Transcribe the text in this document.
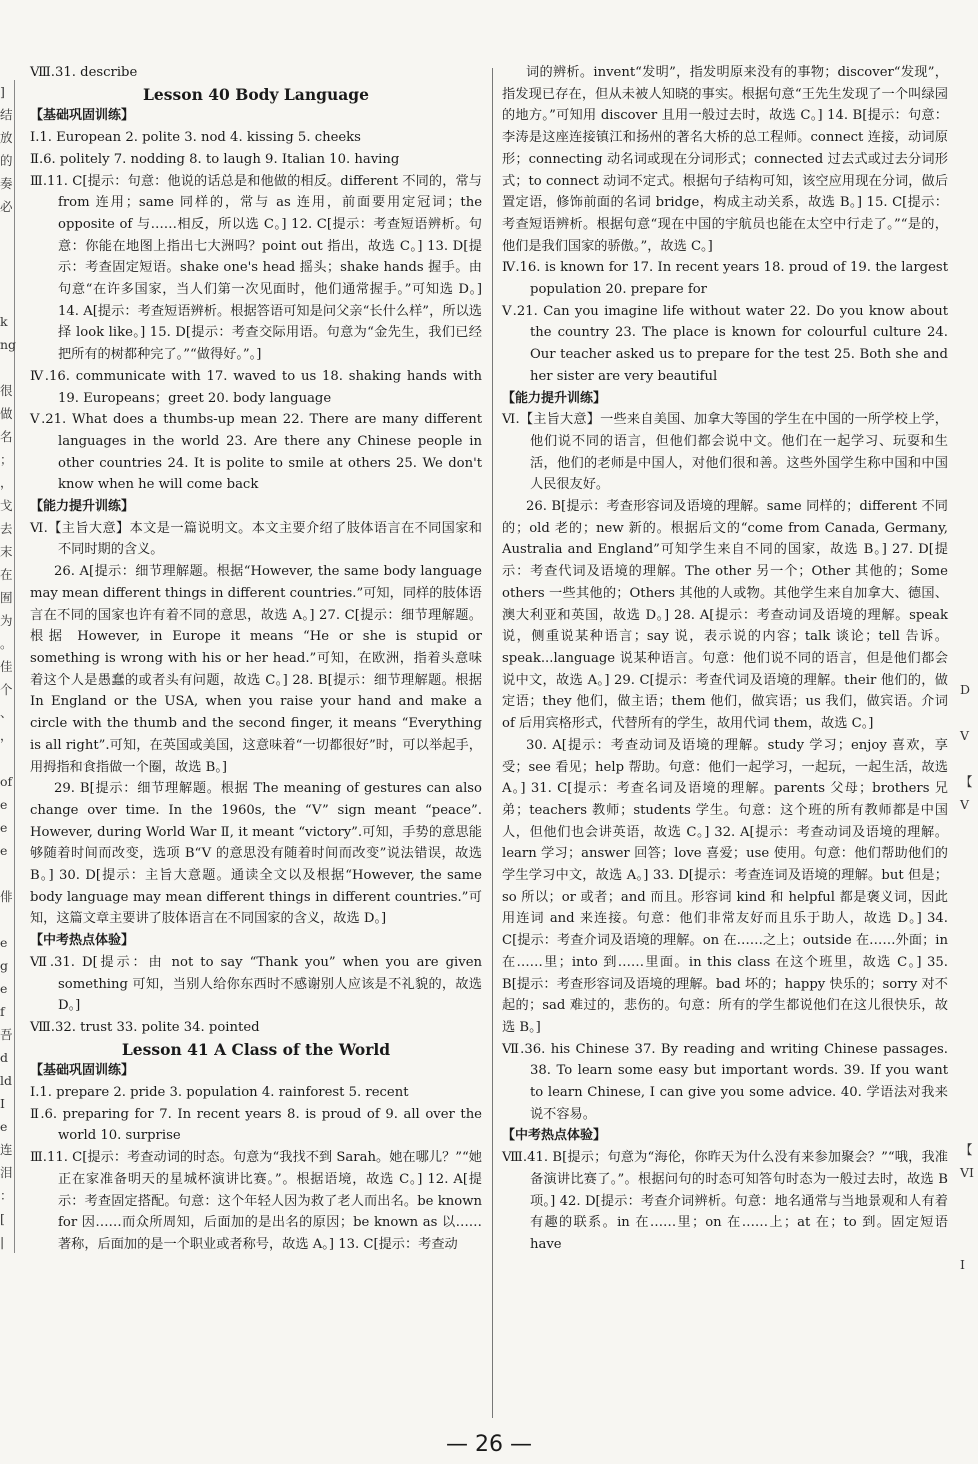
]
结
放
的
奏
必
k
ng
很
做
名
；
，
戈
去
末
在
囿
为
。
佳
个
、
，
of
e
e
e
俳
e
g
e
f
吾
d
ld
I
e
连
泪
：
[
|
D
V
【
V
【
VI
I

Ⅷ.31. describe

Lesson 40 Body Language

【基础巩固训练】

Ⅰ.1. European 2. polite 3. nod 4. kissing 5. cheeks

Ⅱ.6. politely 7. nodding 8. to laugh 9. Italian 10. having

Ⅲ.11. C[提示：句意：他说的话总是和他做的相反。different 不同的，常与 from 连用；same 同样的，常与 as 连用，前面要用定冠词；the opposite of 与……相反，所以选 C。] 12. C[提示：考查短语辨析。句意：你能在地图上指出七大洲吗？point out 指出，故选 C。] 13. D[提示：考查固定短语。shake one's head 摇头；shake hands 握手。由句意“在许多国家，当人们第一次见面时，他们通常握手。”可知选 D。] 14. A[提示：考查短语辨析。根据答语可知是问父亲“长什么样”，所以选择 look like。] 15. D[提示：考查交际用语。句意为“金先生，我们已经把所有的树都种完了。”“做得好。”。]

Ⅳ.16. communicate with 17. waved to us 18. shaking hands with 19. Europeans；greet 20. body language

Ⅴ.21. What does a thumbs-up mean 22. There are many different languages in the world 23. Are there any Chinese people in other countries 24. It is polite to smile at others 25. We don't know when he will come back

【能力提升训练】

Ⅵ.【主旨大意】本文是一篇说明文。本文主要介绍了肢体语言在不同国家和不同时期的含义。

26. A[提示：细节理解题。根据“However, the same body language may mean different things in different countries.”可知，同样的肢体语言在不同的国家也许有着不同的意思，故选 A。] 27. C[提示：细节理解题。根据 However, in Europe it means “He or she is stupid or something is wrong with his or her head.”可知，在欧洲，指着头意味着这个人是愚蠢的或者头有问题，故选 C。] 28. B[提示：细节理解题。根据 In England or the USA, when you raise your hand and make a circle with the thumb and the second finger, it means “Everything is all right”.可知，在英国或美国，这意味着“一切都很好”时，可以举起手，用拇指和食指做一个圈，故选 B。]

29. B[提示：细节理解题。根据 The meaning of gestures can also change over time. In the 1960s, the “V” sign meant “peace”. However, during World War Ⅱ, it meant “victory”.可知，手势的意思能够随着时间而改变，选项 B“V 的意思没有随着时间而改变”说法错误，故选 B。] 30. D[提示：主旨大意题。通读全文以及根据“However, the same body language may mean different things in different countries.”可知，这篇文章主要讲了肢体语言在不同国家的含义，故选 D。]

【中考热点体验】

Ⅶ.31. D[提示：由 not to say “Thank you” when you are given something 可知，当别人给你东西时不感谢别人应该是不礼貌的，故选 D。]

Ⅷ.32. trust 33. polite 34. pointed

Lesson 41 A Class of the World

【基础巩固训练】

Ⅰ.1. prepare 2. pride 3. population 4. rainforest 5. recent

Ⅱ.6. preparing for 7. In recent years 8. is proud of 9. all over the world 10. surprise

Ⅲ.11. C[提示：考查动词的时态。句意为“我找不到 Sarah。她在哪儿？”“她正在家准备明天的星城杯演讲比赛。”。根据语境，故选 C。] 12. A[提示：考查固定搭配。句意：这个年轻人因为救了老人而出名。be known for 因……而众所周知，后面加的是出名的原因；be known as 以……著称，后面加的是一个职业或者称号，故选 A。] 13. C[提示：考查动

词的辨析。invent“发明”，指发明原来没有的事物；discover“发现”，指发现已存在，但从未被人知晓的事实。根据句意“王先生发现了一个叫绿园的地方。”可知用 discover 且用一般过去时，故选 C。] 14. B[提示：句意：李涛是这座连接镇江和扬州的著名大桥的总工程师。connect 连接，动词原形；connecting 动名词或现在分词形式；connected 过去式或过去分词形式；to connect 动词不定式。根据句子结构可知，该空应用现在分词，做后置定语，修饰前面的名词 bridge，构成主动关系，故选 B。] 15. C[提示：考查短语辨析。根据句意“现在中国的宇航员也能在太空中行走了。”“是的，他们是我们国家的骄傲。”，故选 C。]

Ⅳ.16. is known for 17. In recent years 18. proud of 19. the largest population 20. prepare for

Ⅴ.21. Can you imagine life without water 22. Do you know about the country 23. The place is known for colourful culture 24. Our teacher asked us to prepare for the test 25. Both she and her sister are very beautiful

【能力提升训练】

Ⅵ.【主旨大意】一些来自美国、加拿大等国的学生在中国的一所学校上学，他们说不同的语言，但他们都会说中文。他们在一起学习、玩耍和生活，他们的老师是中国人，对他们很和善。这些外国学生称中国和中国人民很友好。

26. B[提示：考查形容词及语境的理解。same 同样的；different 不同的；old 老的；new 新的。根据后文的“come from Canada, Germany, Australia and England”可知学生来自不同的国家，故选 B。] 27. D[提示：考查代词及语境的理解。The other 另一个；Other 其他的；Some others 一些其他的；Others 其他的人或物。其他学生来自加拿大、德国、澳大利亚和英国，故选 D。] 28. A[提示：考查动词及语境的理解。speak 说，侧重说某种语言；say 说，表示说的内容；talk 谈论；tell 告诉。speak...language 说某种语言。句意：他们说不同的语言，但是他们都会说中文，故选 A。] 29. C[提示：考查代词及语境的理解。their 他们的，做定语；they 他们，做主语；them 他们，做宾语；us 我们，做宾语。介词 of 后用宾格形式，代替所有的学生，故用代词 them，故选 C。]

30. A[提示：考查动词及语境的理解。study 学习；enjoy 喜欢，享受；see 看见；help 帮助。句意：他们一起学习，一起玩，一起生活，故选 A。] 31. C[提示：考查名词及语境的理解。parents 父母；brothers 兄弟；teachers 教师；students 学生。句意：这个班的所有教师都是中国人，但他们也会讲英语，故选 C。] 32. A[提示：考查动词及语境的理解。learn 学习；answer 回答；love 喜爱；use 使用。句意：他们帮助他们的学生学习中文，故选 A。] 33. D[提示：考查连词及语境的理解。but 但是；so 所以；or 或者；and 而且。形容词 kind 和 helpful 都是褒义词，因此用连词 and 来连接。句意：他们非常友好而且乐于助人，故选 D。] 34. C[提示：考查介词及语境的理解。on 在……之上；outside 在……外面；in 在……里；into 到……里面。in this class 在这个班里，故选 C。] 35. B[提示：考查形容词及语境的理解。bad 坏的；happy 快乐的；sorry 对不起的；sad 难过的，悲伤的。句意：所有的学生都说他们在这儿很快乐，故选 B。]

Ⅶ.36. his Chinese 37. By reading and writing Chinese passages. 38. To learn some easy but important words. 39. If you want to learn Chinese, I can give you some advice. 40. 学语法对我来说不容易。

【中考热点体验】

Ⅷ.41. B[提示；句意为“海伦，你昨天为什么没有来参加聚会？”“哦，我准备演讲比赛了。”。根据问句的时态可知答句时态为一般过去时，故选 B 项。] 42. D[提示：考查介词辨析。句意：地名通常与当地景观和人有着有趣的联系。in 在……里；on 在……上；at 在；to 到。固定短语 have

— 26 —
